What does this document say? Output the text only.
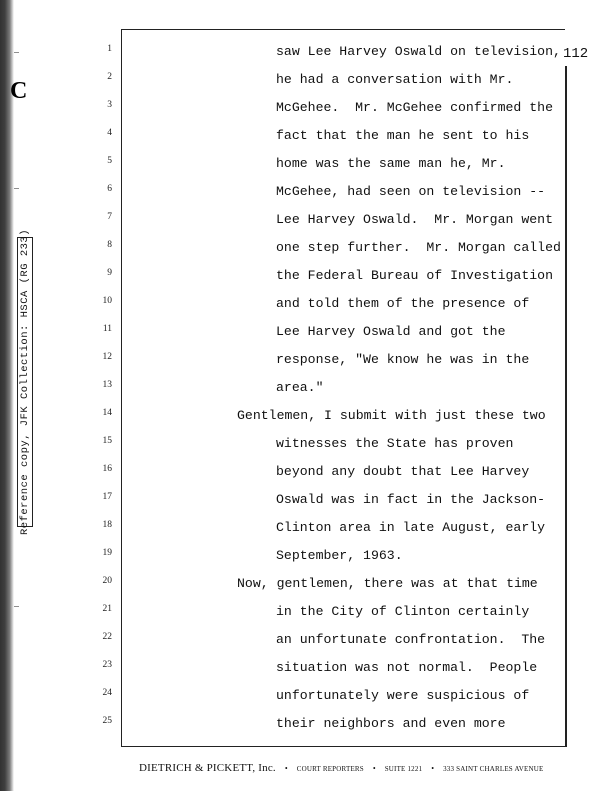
C
Reference copy, JFK Collection: HSCA (RG 233)
112
1	saw Lee Harvey Oswald on television,
2	he had a conversation with Mr.
3	McGehee.  Mr. McGehee confirmed the
4	fact that the man he sent to his
5	home was the same man he, Mr.
6	McGehee, had seen on television --
7	Lee Harvey Oswald.  Mr. Morgan went
8	one step further.  Mr. Morgan called
9	the Federal Bureau of Investigation
10	and told them of the presence of
11	Lee Harvey Oswald and got the
12	response, "We know he was in the
13	area."
14	Gentlemen, I submit with just these two
15	witnesses the State has proven
16	beyond any doubt that Lee Harvey
17	Oswald was in fact in the Jackson-
18	Clinton area in late August, early
19	September, 1963.
20	Now, gentlemen, there was at that time
21	in the City of Clinton certainly
22	an unfortunate confrontation.  The
23	situation was not normal.  People
24	unfortunately were suspicious of
25	their neighbors and even more
DIETRICH & PICKETT, Inc. • COURT REPORTERS • SUITE 1221 • 333 SAINT CHARLES AVENUE
